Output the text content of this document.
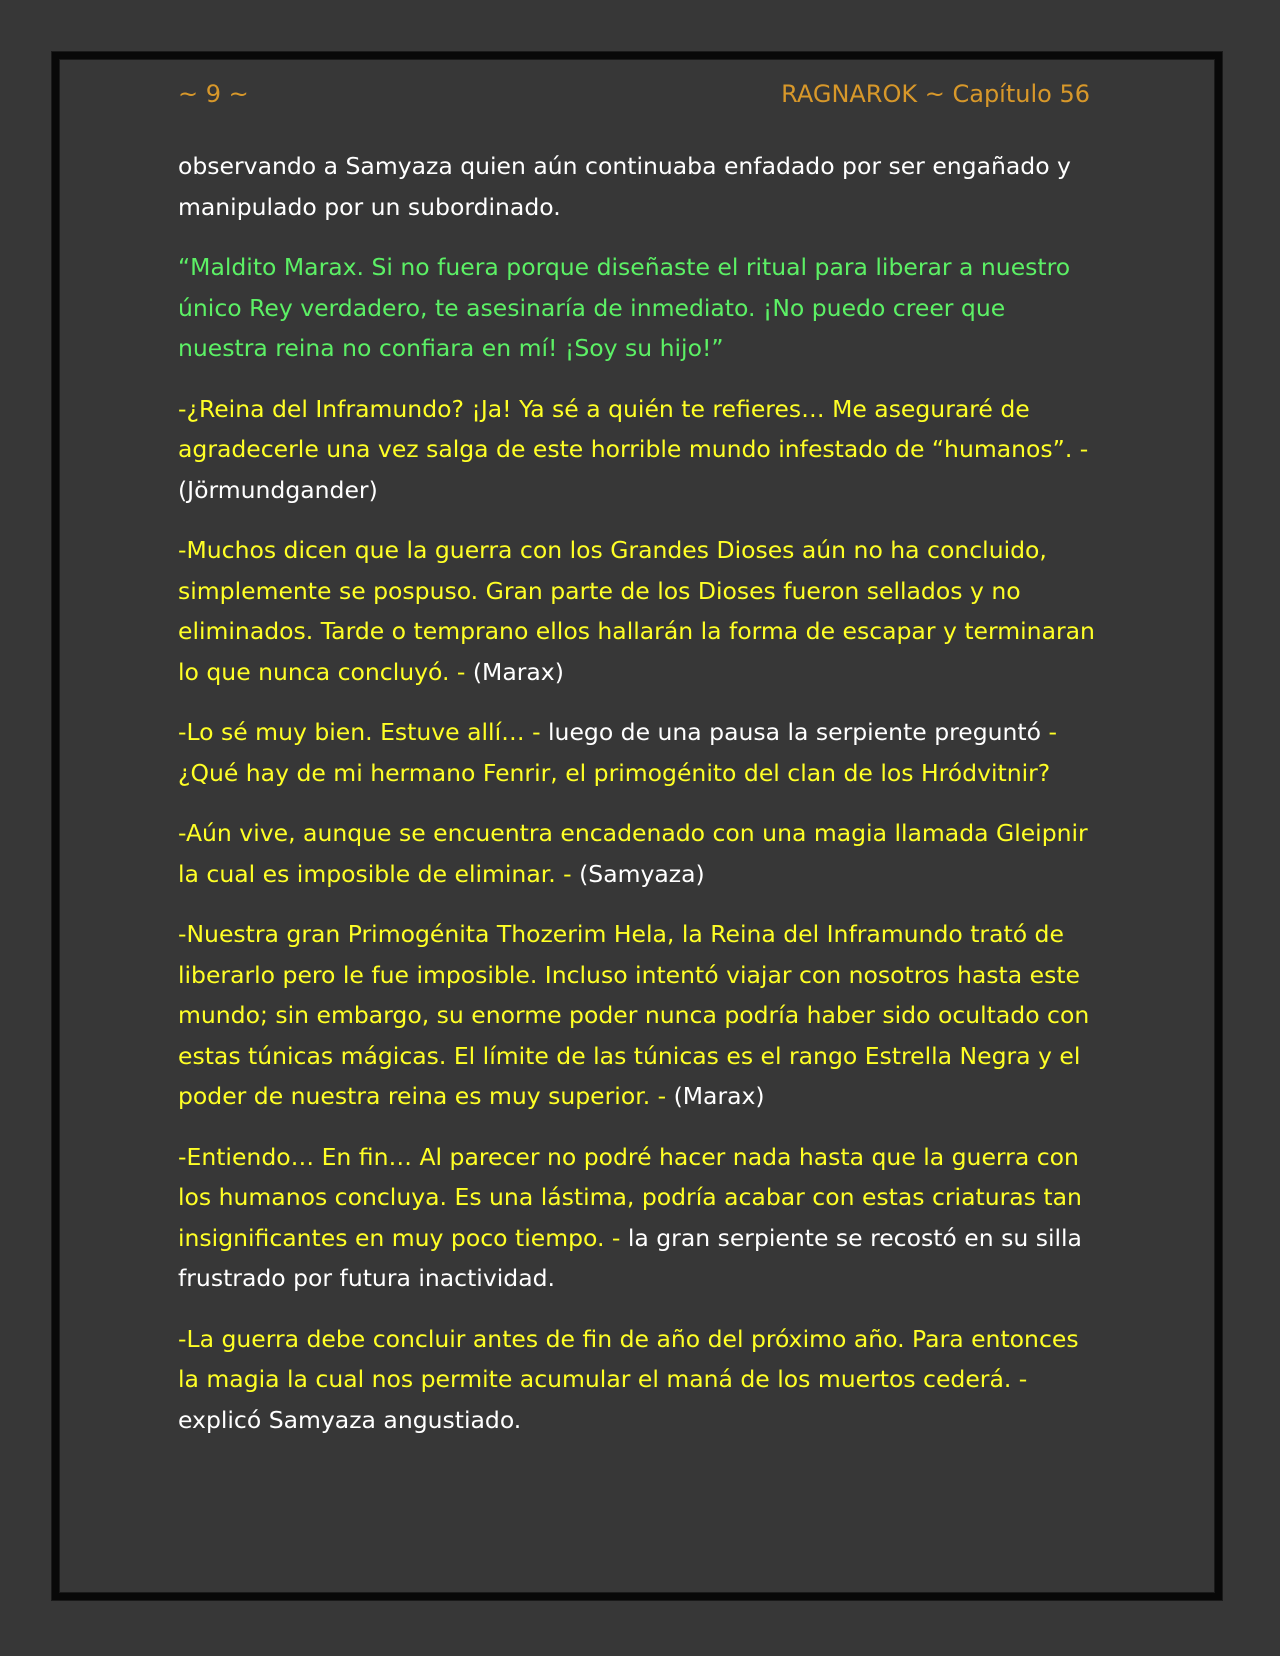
~ 9 ~	RAGNAROK ~ Capítulo 56

observando a Samyaza quien aún continuaba enfadado por ser engañado y manipulado por un subordinado.

“Maldito Marax. Si no fuera porque diseñaste el ritual para liberar a nuestro único Rey verdadero, te asesinaría de inmediato. ¡No puedo creer que nuestra reina no confiara en mí! ¡Soy su hijo!”

-¿Reina del Inframundo? ¡Ja! Ya sé a quién te refieres… Me aseguraré de agradecerle una vez salga de este horrible mundo infestado de “humanos”. - (Jörmundgander)

-Muchos dicen que la guerra con los Grandes Dioses aún no ha concluido, simplemente se pospuso. Gran parte de los Dioses fueron sellados y no eliminados. Tarde o temprano ellos hallarán la forma de escapar y terminaran lo que nunca concluyó. - (Marax)

-Lo sé muy bien. Estuve allí… - luego de una pausa la serpiente preguntó - ¿Qué hay de mi hermano Fenrir, el primogénito del clan de los Hródvitnir?

-Aún vive, aunque se encuentra encadenado con una magia llamada Gleipnir la cual es imposible de eliminar. - (Samyaza)

-Nuestra gran Primogénita Thozerim Hela, la Reina del Inframundo trató de liberarlo pero le fue imposible. Incluso intentó viajar con nosotros hasta este mundo; sin embargo, su enorme poder nunca podría haber sido ocultado con estas túnicas mágicas. El límite de las túnicas es el rango Estrella Negra y el poder de nuestra reina es muy superior. - (Marax)

-Entiendo… En fin… Al parecer no podré hacer nada hasta que la guerra con los humanos concluya. Es una lástima, podría acabar con estas criaturas tan insignificantes en muy poco tiempo. - la gran serpiente se recostó en su silla frustrado por futura inactividad.

-La guerra debe concluir antes de fin de año del próximo año. Para entonces la magia la cual nos permite acumular el maná de los muertos cederá. - explicó Samyaza angustiado.
